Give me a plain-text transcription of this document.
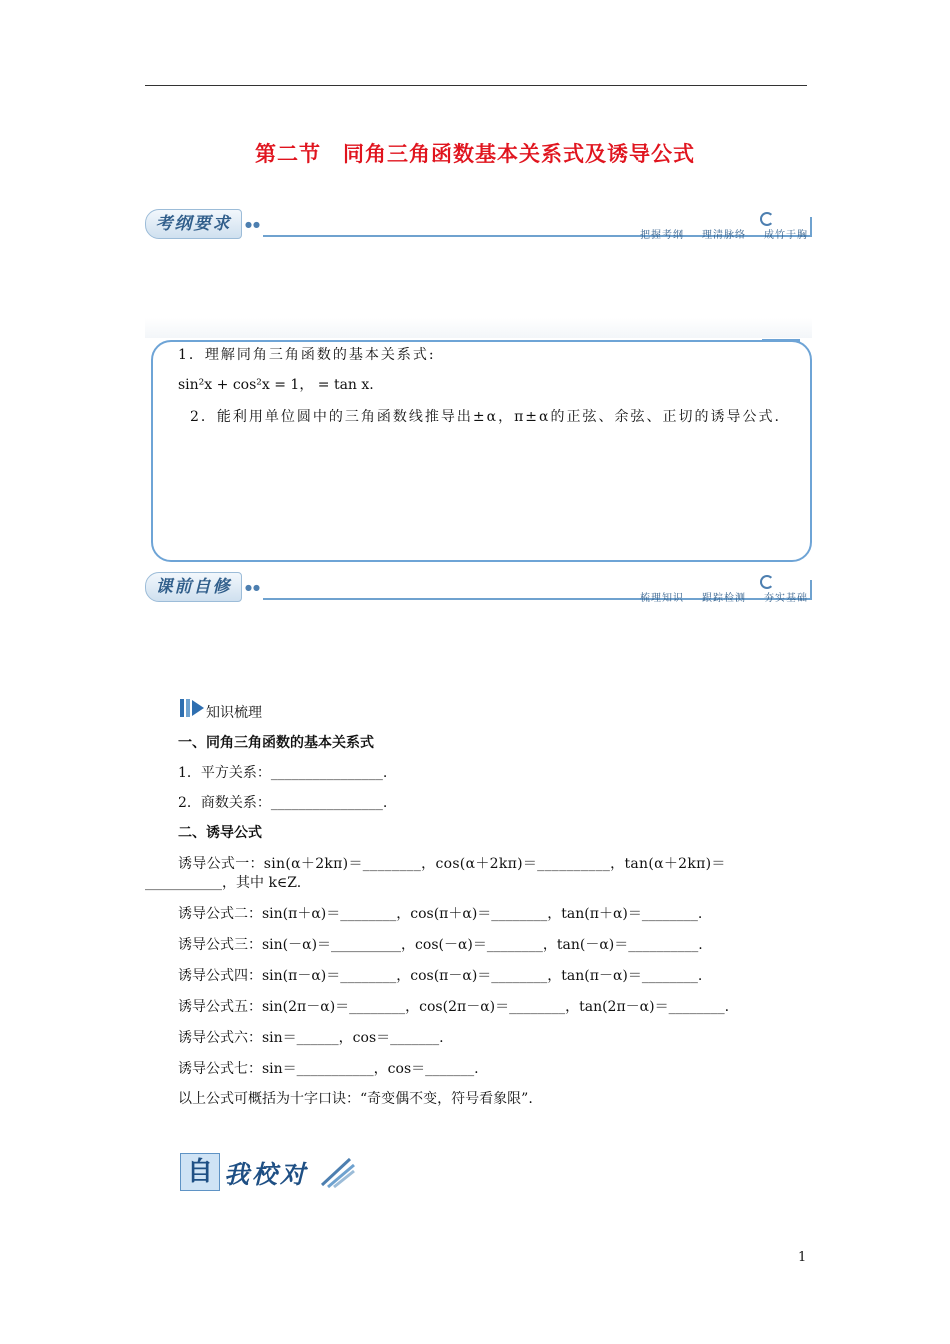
第二节　同角三角函数基本关系式及诱导公式
考纲要求	●●
把握考纲 理清脉络 成竹于胸
1．理解同角三角函数的基本关系式:
sin²x + cos²x = 1， = tan x.
2．能利用单位圆中的三角函数线推导出±α，π±α的正弦、余弦、正切的诱导公式.
课前自修	●●
梳理知识 跟踪检测 夯实基础
知识梳理
一、同角三角函数的基本关系式
1．平方关系：________________.
2．商数关系：________________.
二、诱导公式
诱导公式一：sin(α＋2kπ)＝________，cos(α＋2kπ)＝__________，tan(α＋2kπ)＝
___________，其中 k∈Z.
诱导公式二：sin(π＋α)＝________，cos(π＋α)＝________，tan(π＋α)＝________.
诱导公式三：sin(－α)＝__________，cos(－α)＝________，tan(－α)＝__________.
诱导公式四：sin(π－α)＝________，cos(π－α)＝________，tan(π－α)＝________.
诱导公式五：sin(2π－α)＝________，cos(2π－α)＝________，tan(2π－α)＝________.
诱导公式六：sin＝______，cos＝_______.
诱导公式七：sin＝___________，cos＝_______.
以上公式可概括为十字口诀：“奇变偶不变，符号看象限”.
自 我校对
1
